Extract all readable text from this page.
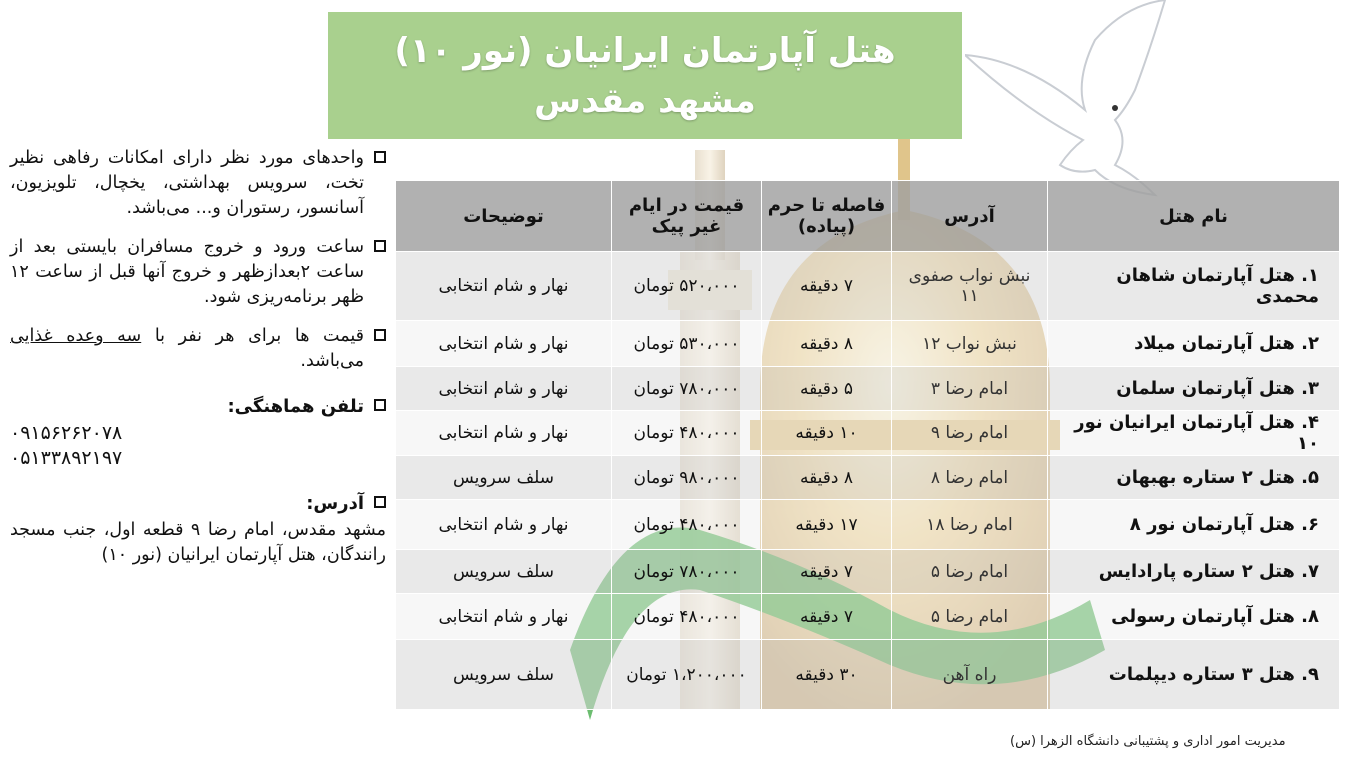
هتل آپارتمان ایرانیان (نور ۱۰)
مشهد مقدس
نام هتل	آدرس	فاصله تا حرم (پیاده)	قیمت در ایام غیر پیک	توضیحات
۱. هتل آپارتمان شاهان محمدی	نبش نواب صفوی ۱۱	۷ دقیقه	۵۲۰،۰۰۰ تومان	نهار و شام انتخابی
۲. هتل آپارتمان میلاد	نبش نواب ۱۲	۸ دقیقه	۵۳۰،۰۰۰ تومان	نهار و شام انتخابی
۳. هتل آپارتمان سلمان	امام رضا ۳	۵ دقیقه	۷۸۰،۰۰۰ تومان	نهار و شام انتخابی
۴. هتل آپارتمان ایرانیان نور ۱۰	امام رضا ۹	۱۰ دقیقه	۴۸۰،۰۰۰ تومان	نهار و شام انتخابی
۵. هتل ۲ ستاره بهبهان	امام رضا ۸	۸ دقیقه	۹۸۰،۰۰۰ تومان	سلف سرویس
۶. هتل آپارتمان نور ۸	امام رضا ۱۸	۱۷ دقیقه	۴۸۰،۰۰۰ تومان	نهار و شام انتخابی
۷. هتل ۲ ستاره پارادایس	امام رضا ۵	۷ دقیقه	۷۸۰،۰۰۰ تومان	سلف سرویس
۸. هتل آپارتمان رسولی	امام رضا ۵	۷ دقیقه	۴۸۰،۰۰۰ تومان	نهار و شام انتخابی
۹. هتل ۳ ستاره دیپلمات	راه آهن	۳۰ دقیقه	۱،۲۰۰،۰۰۰ تومان	سلف سرویس
واحدهای مورد نظر دارای امکانات رفاهی نظیر تخت، سرویس بهداشتی، یخچال، تلویزیون، آسانسور، رستوران و... می‌باشد.
ساعت ورود و خروج مسافران بایستی بعد از ساعت ۲بعدازظهر و خروج آنها قبل از ساعت ۱۲ ظهر برنامه‌ریزی شود.
قیمت ها برای هر نفر با سه وعده غذایی می‌باشد.
تلفن هماهنگی:
۰۹۱۵۶۲۶۲۰۷۸
۰۵۱۳۳۸۹۲۱۹۷
آدرس:
مشهد مقدس، امام رضا ۹ قطعه اول، جنب مسجد رانندگان، هتل آپارتمان ایرانیان (نور ۱۰)
مدیریت امور اداری و پشتیبانی دانشگاه الزهرا (س)
